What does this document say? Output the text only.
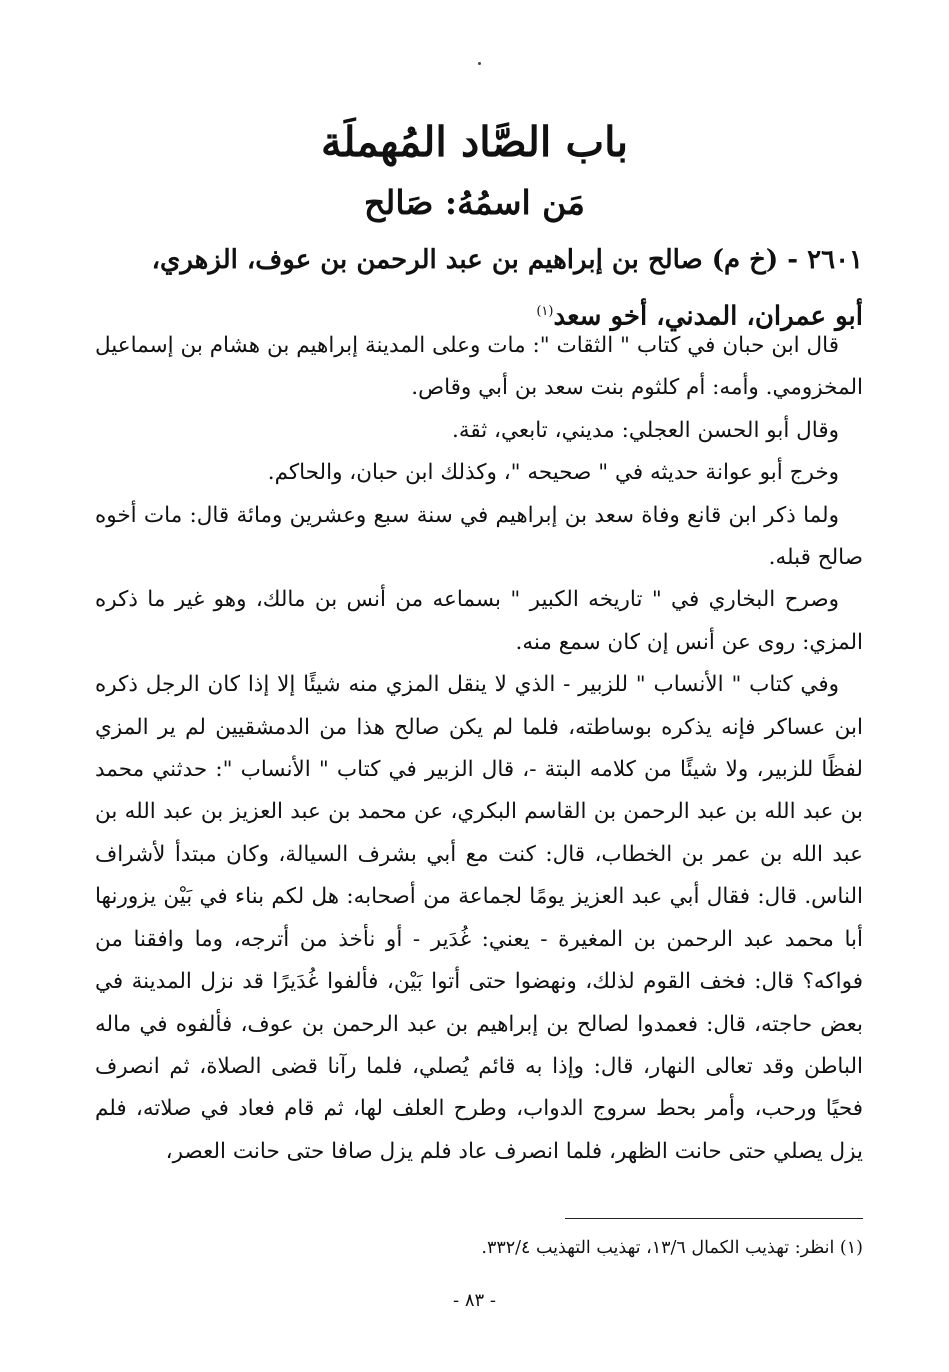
باب الصَّاد المُهملَة
مَن اسمُهُ: صَالح
٢٦٠١ - (خ م) صالح بن إبراهيم بن عبد الرحمن بن عوف، الزهري،
أبو عمران، المدني، أخو سعد$^{(١)}$

قال ابن حبان في كتاب " الثقات ": مات وعلى المدينة إبراهيم بن هشام بن إسماعيل المخزومي. وأمه: أم كلثوم بنت سعد بن أبي وقاص.

وقال أبو الحسن العجلي: مديني، تابعي، ثقة.

وخرج أبو عوانة حديثه في " صحيحه "، وكذلك ابن حبان، والحاكم.

ولما ذكر ابن قانع وفاة سعد بن إبراهيم في سنة سبع وعشرين ومائة قال: مات أخوه صالح قبله.

وصرح البخاري في " تاريخه الكبير " بسماعه من أنس بن مالك، وهو غير ما ذكره المزي: روى عن أنس إن كان سمع منه.

وفي كتاب " الأنساب " للزبير - الذي لا ينقل المزي منه شيئًا إلا إذا كان الرجل ذكره ابن عساكر فإنه يذكره بوساطته، فلما لم يكن صالح هذا من الدمشقيين لم ير المزي لفظًا للزبير، ولا شيئًا من كلامه البتة -، قال الزبير في كتاب " الأنساب ": حدثني محمد بن عبد الله بن عبد الرحمن بن القاسم البكري، عن محمد بن عبد العزيز بن عبد الله بن عبد الله بن عمر بن الخطاب، قال: كنت مع أبي بشرف السيالة، وكان مبتدأ لأشراف الناس. قال: فقال أبي عبد العزيز يومًا لجماعة من أصحابه: هل لكم بناء في بَيْن يزورنها أبا محمد عبد الرحمن بن المغيرة - يعني: غُدَير - أو نأخذ من أترجه، وما وافقنا من فواكه؟ قال: فخف القوم لذلك، ونهضوا حتى أتوا بَيْن، فألفوا غُدَيرًا قد نزل المدينة في بعض حاجته، قال: فعمدوا لصالح بن إبراهيم بن عبد الرحمن بن عوف، فألفوه في ماله الباطن وقد تعالى النهار، قال: وإذا به قائم يُصلي، فلما رآنا قضى الصلاة، ثم انصرف فحيًا ورحب، وأمر بحط سروج الدواب، وطرح العلف لها، ثم قام فعاد في صلاته، فلم يزل يصلي حتى حانت الظهر، فلما انصرف عاد فلم يزل صافا حتى حانت العصر،

(١) انظر: تهذيب الكمال ١٣/٦، تهذيب التهذيب ٣٣٢/٤.
- ٨٣ -
